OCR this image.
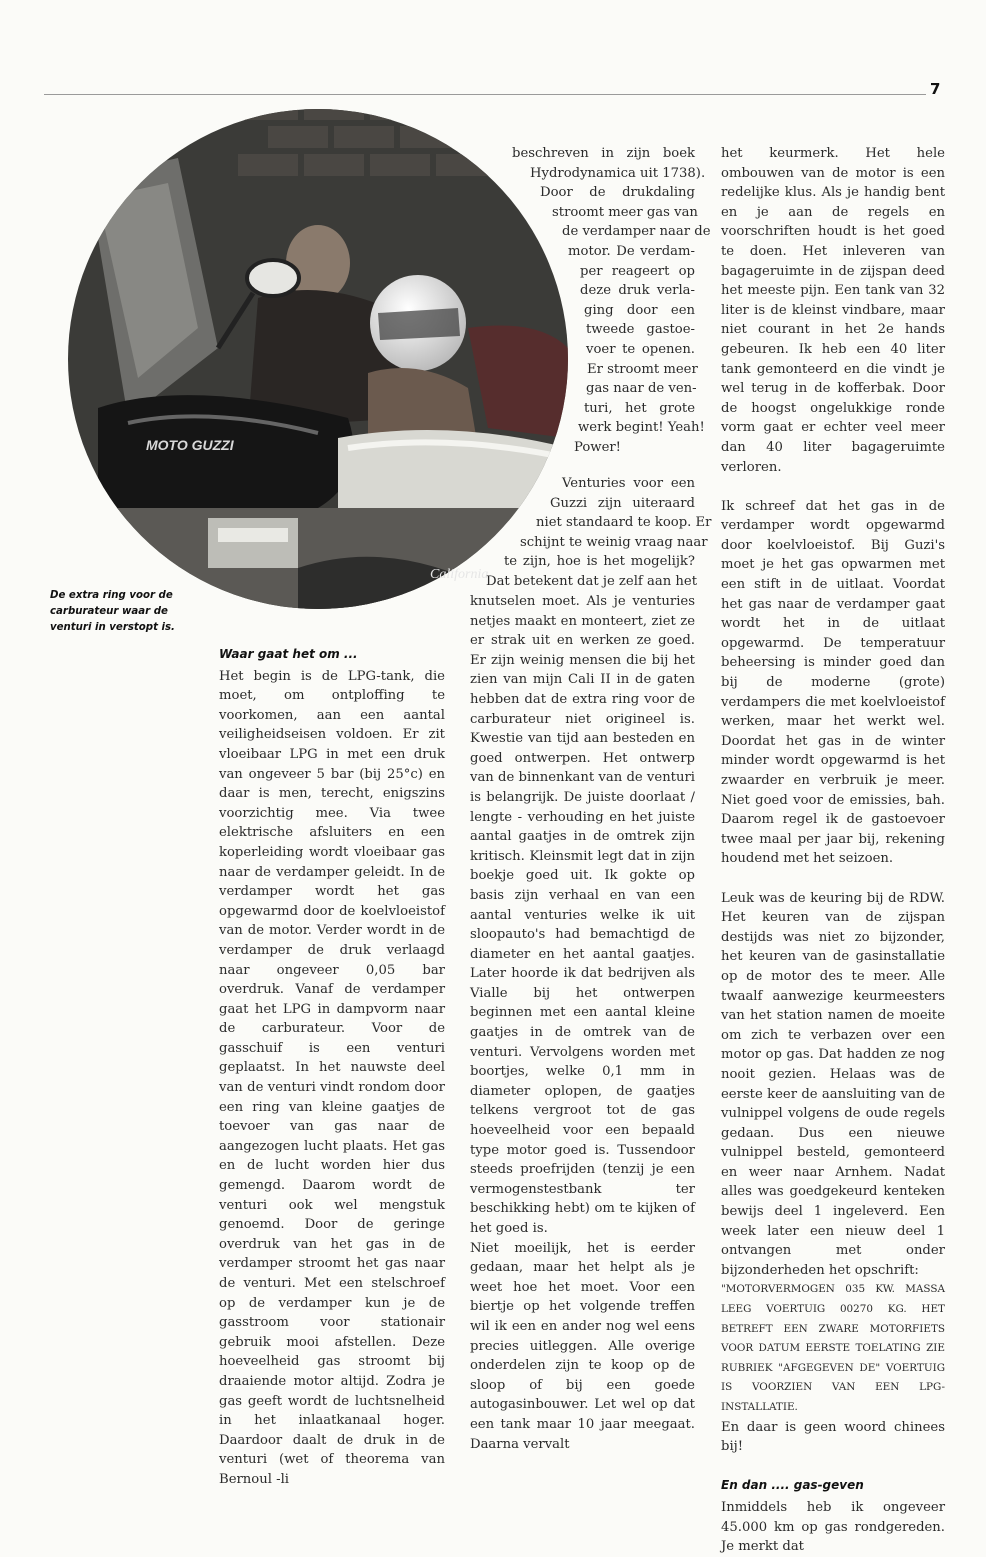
7
MOTO GUZZI
California
De extra ring voor de carburateur waar de venturi in verstopt is.
Waar gaat het om ...

Het begin is de LPG-tank, die moet, om ontploffing te voorkomen, aan een aantal veiligheidseisen voldoen. Er zit vloeibaar LPG in met een druk van ongeveer 5 bar (bij 25°c) en daar is men, terecht, enigszins voorzichtig mee. Via twee elektrische afsluiters en een koperleiding wordt vloeibaar gas naar de verdamper geleidt. In de verdamper wordt het gas opgewarmd door de koelvloeistof van de motor. Verder wordt in de verdamper de druk verlaagd naar ongeveer 0,05 bar overdruk. Vanaf de verdamper gaat het LPG in dampvorm naar de carburateur. Voor de gasschuif is een venturi geplaatst. In het nauwste deel van de venturi vindt rondom door een ring van kleine gaatjes de toevoer van gas naar de aangezogen lucht plaats. Het gas en de lucht worden hier dus gemengd. Daarom wordt de venturi ook wel mengstuk genoemd. Door de geringe overdruk van het gas in de verdamper stroomt het gas naar de venturi. Met een stelschroef op de verdamper kun je de gasstroom voor stationair gebruik mooi afstellen. Deze hoeveelheid gas stroomt bij draaiende motor altijd. Zodra je gas geeft wordt de luchtsnelheid in het inlaatkanaal hoger. Daardoor daalt de druk in de venturi (wet of theorema van Bernoul -li

beschreven in zijn boek
Hydrodynamica uit 1738).
Door de drukdaling
stroomt meer gas van
de verdamper naar de
motor. De verdam-
per reageert op
deze druk verla-
ging door een
tweede gastoe-
voer te openen.
Er stroomt meer
gas naar de ven-
turi, het grote
werk begint! Yeah!
Power!
Venturies voor een
Guzzi zijn uiteraard
niet standaard te koop. Er
schijnt te weinig vraag naar
te zijn, hoe is het mogelijk?
Dat betekent dat je zelf aan het

knutselen moet. Als je venturies netjes maakt en monteert, ziet ze er strak uit en werken ze goed. Er zijn weinig mensen die bij het zien van mijn Cali II in de gaten hebben dat de extra ring voor de carburateur niet origineel is. Kwestie van tijd aan besteden en goed ontwerpen. Het ontwerp van de binnenkant van de venturi is belangrijk. De juiste doorlaat / lengte - verhouding en het juiste aantal gaatjes in de omtrek zijn kritisch. Kleinsmit legt dat in zijn boekje goed uit. Ik gokte op basis zijn verhaal en van een aantal venturies welke ik uit sloopauto's had bemachtigd de diameter en het aantal gaatjes. Later hoorde ik dat bedrijven als Vialle bij het ontwerpen beginnen met een aantal kleine gaatjes in de omtrek van de venturi. Vervolgens worden met boortjes, welke 0,1 mm in diameter oplopen, de gaatjes telkens vergroot tot de gas hoeveelheid voor een bepaald type motor goed is. Tussendoor steeds proefrijden (tenzij je een vermogenstestbank ter beschikking hebt) om te kijken of het goed is.

Niet moeilijk, het is eerder gedaan, maar het helpt als je weet hoe het moet. Voor een biertje op het volgende treffen wil ik een en ander nog wel eens precies uitleggen. Alle overige onderdelen zijn te koop op de sloop of bij een goede autogasinbouwer. Let wel op dat een tank maar 10 jaar meegaat. Daarna vervalt

het keurmerk. Het hele ombouwen van de motor is een redelijke klus. Als je handig bent en je aan de regels en voorschriften houdt is het goed te doen. Het inleveren van bagageruimte in de zijspan deed het meeste pijn. Een tank van 32 liter is de kleinst vindbare, maar niet courant in het 2e hands gebeuren. Ik heb een 40 liter tank gemonteerd en die vindt je wel terug in de kofferbak. Door de hoogst ongelukkige ronde vorm gaat er echter veel meer dan 40 liter bagageruimte verloren.

Ik schreef dat het gas in de verdamper wordt opgewarmd door koelvloeistof. Bij Guzi's moet je het gas opwarmen met een stift in de uitlaat. Voordat het gas naar de verdamper gaat wordt het in de uitlaat opgewarmd. De temperatuur beheersing is minder goed dan bij de moderne (grote) verdampers die met koelvloeistof werken, maar het werkt wel. Doordat het gas in de winter minder wordt opgewarmd is het zwaarder en verbruik je meer. Niet goed voor de emissies, bah. Daarom regel ik de gastoevoer twee maal per jaar bij, rekening houdend met het seizoen.

Leuk was de keuring bij de RDW. Het keuren van de zijspan destijds was niet zo bijzonder, het keuren van de gasinstallatie op de motor des te meer. Alle twaalf aanwezige keurmeesters van het station namen de moeite om zich te verbazen over een motor op gas. Dat hadden ze nog nooit gezien. Helaas was de eerste keer de aansluiting van de vulnippel volgens de oude regels gedaan. Dus een nieuwe vulnippel besteld, gemonteerd en weer naar Arnhem. Nadat alles was goedgekeurd kenteken bewijs deel 1 ingeleverd. Een week later een nieuw deel 1 ontvangen met onder bijzonderheden het opschrift:

"MOTORVERMOGEN 035 KW. MASSA LEEG VOERTUIG 00270 KG. HET BETREFT EEN ZWARE MOTORFIETS VOOR DATUM EERSTE TOELATING ZIE RUBRIEK "AFGEGEVEN DE" VOERTUIG IS VOORZIEN VAN EEN LPG-INSTALLATIE.

En daar is geen woord chinees bij!

En dan .... gas-geven

Inmiddels heb ik ongeveer 45.000 km op gas rondgereden. Je merkt dat
